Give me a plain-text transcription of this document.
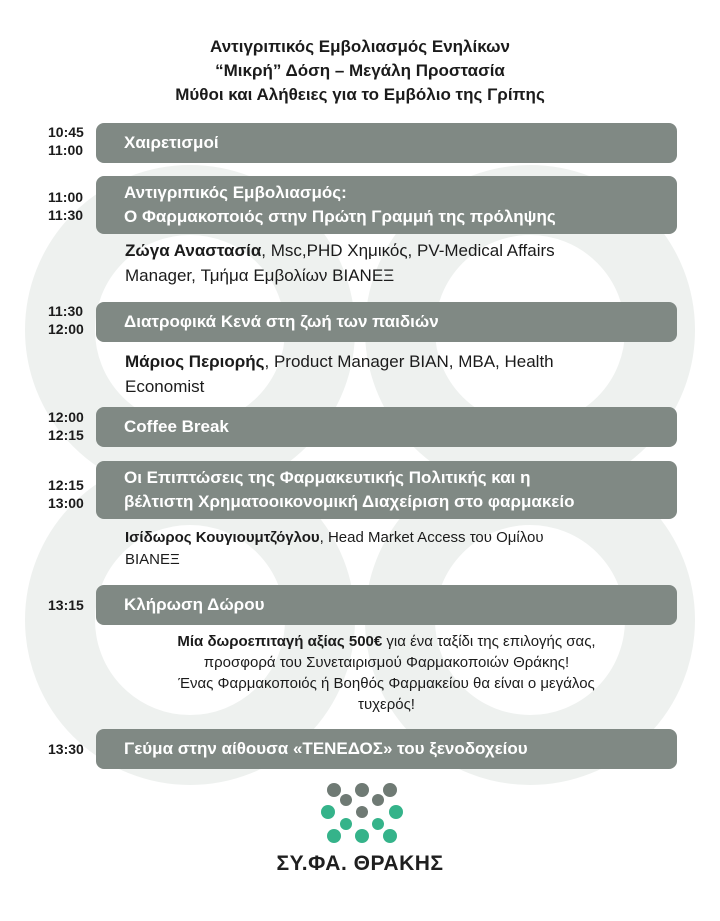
Αντιγριπικός Εμβολιασμός Ενηλίκων
“Μικρή” Δόση – Μεγάλη Προστασία
Μύθοι και Αλήθειες για το Εμβόλιο της Γρίπης
10:45
11:00 Χαιρετισμοί
11:00
11:30
Αντιγριπικός Εμβολιασμός:
Ο Φαρμακοποιός στην Πρώτη Γραμμή της πρόληψης
Ζώγα Αναστασία, Msc,PHD Χημικός, PV-Medical Affairs
Manager, Τμήμα Εμβολίων ΒΙΑΝΕΞ
11:30
12:00 Διατροφικά Κενά στη ζωή των παιδιών
Μάριος Περιορής, Product Manager BIAN, MBA, Health
Economist
12:00
12:15 Coffee Break
12:15
13:00
Οι Επιπτώσεις της Φαρμακευτικής Πολιτικής και η
βέλτιστη Χρηματοοικονομική Διαχείριση στο φαρμακείο
Ισίδωρος Κουγιουμτζόγλου, Head Market Access του Ομίλου
ΒΙΑΝΕΞ
13:15 Κλήρωση Δώρου
Μία δωροεπιταγή αξίας 500€ για ένα ταξίδι της επιλογής σας,
προσφορά του Συνεταιρισμού Φαρμακοποιών Θράκης!
Ένας Φαρμακοποιός ή Βοηθός Φαρμακείου θα είναι ο μεγάλος
τυχερός!
13:30 Γεύμα στην αίθουσα «ΤΕΝΕΔΟΣ» του ξενοδοχείου
ΣΥ.ΦΑ. ΘΡΑΚΗΣ
